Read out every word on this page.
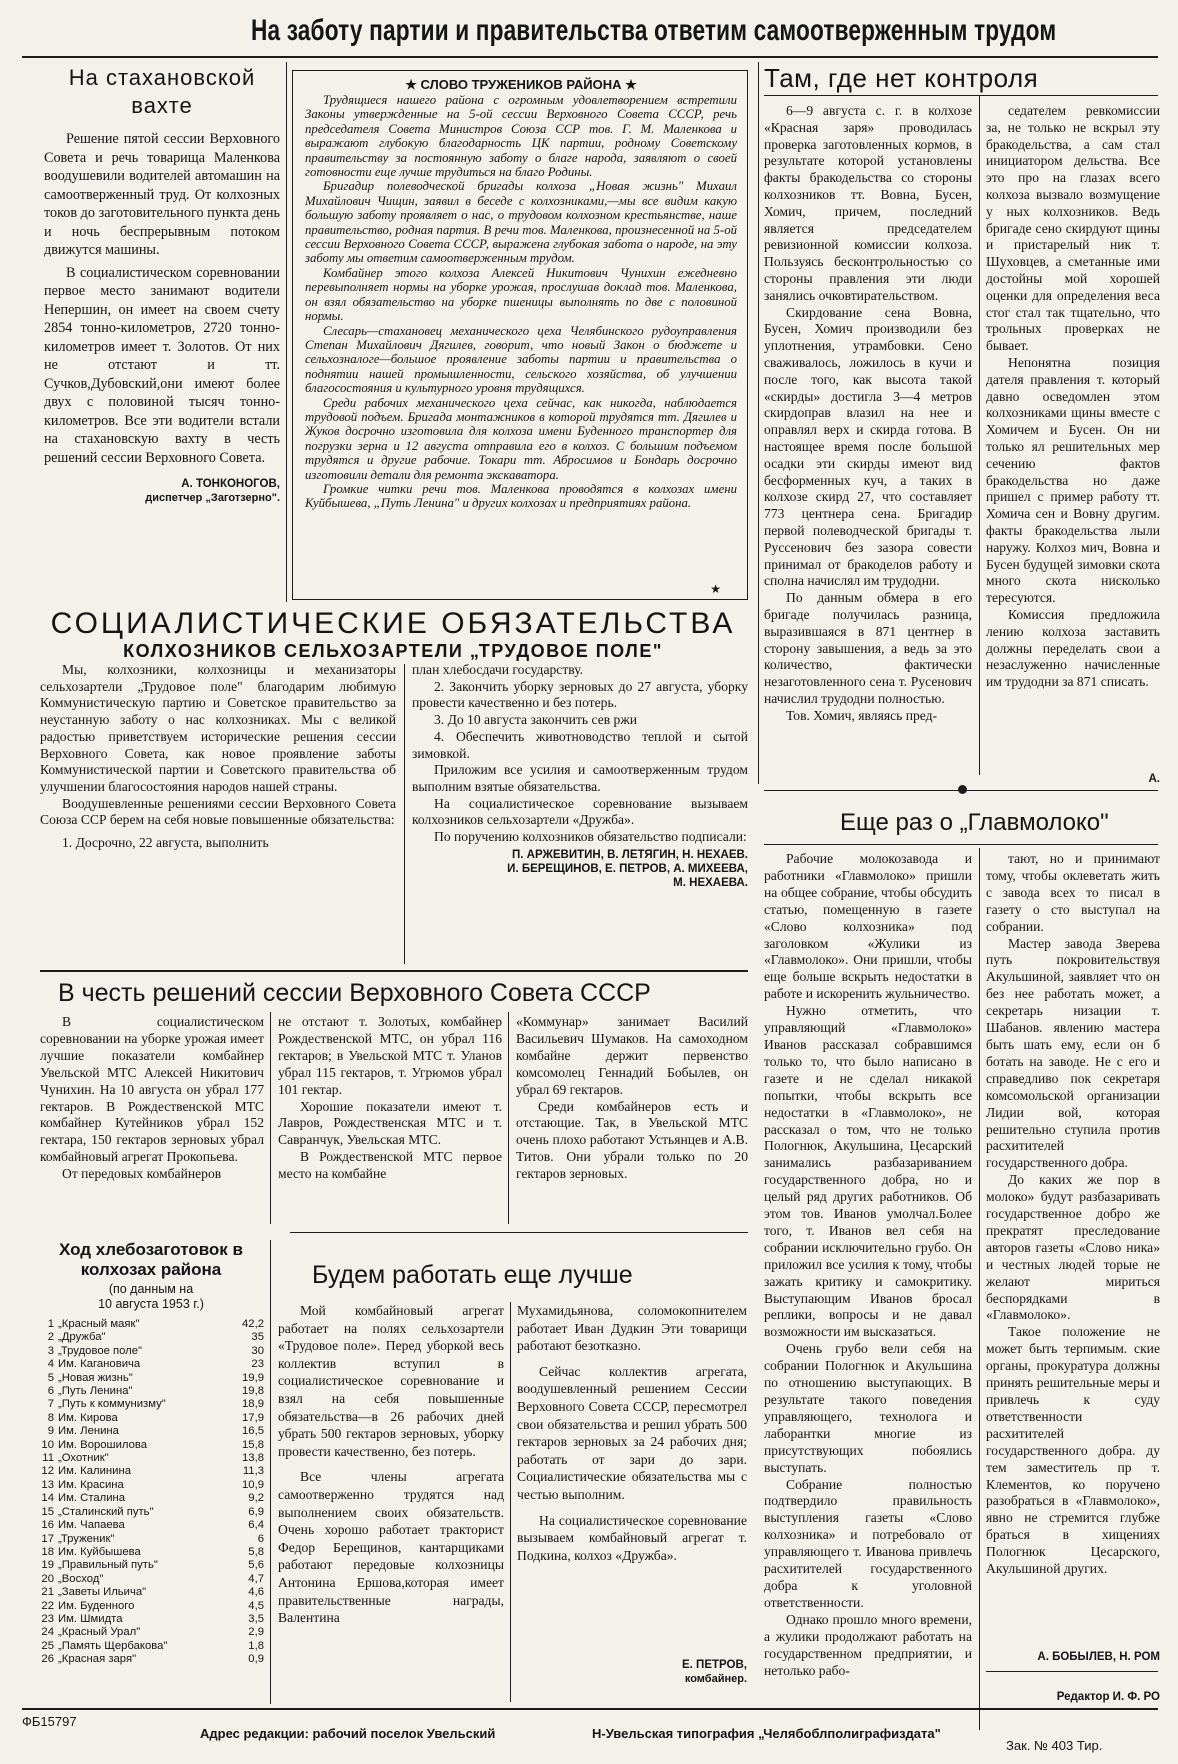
На заботу партии и правительства ответим самоотверженным трудом
На стахановской
вахте

Решение пятой сессии Верховного Совета и речь товарища Маленкова воодушевили водителей автомашин на самоотверженный труд. От колхозных токов до заготовительного пункта день и ночь беспрерывным потоком движутся машины.

В социалистическом соревновании первое место занимают водители Непершин, он имеет на своем счету 2854 тонно-километров, 2720 тонно-километров имеет т. Золотов. От них не отстают и тт. Сучков,Дубовский,они имеют более двух с половиной тысяч тонно-километров. Все эти водители встали на стахановскую вахту в честь решений сессии Верховного Совета.

А. ТОНКОНОГОВ,
диспетчер „Заготзерно".
★ СЛОВО ТРУЖЕНИКОВ РАЙОНА ★

Трудящиеся нашего района с огромным удовлетворением встретили Законы утвержденные на 5-ой сессии Верховного Совета СССР, речь председателя Совета Министров Союза ССР тов. Г. М. Маленкова и выражают глубокую благодарность ЦК партии, родному Советскому правительству за постоянную заботу о благе народа, заявляют о своей готовности еще лучше трудиться на благо Родины.

Бригадир полеводческой бригады колхоза „Новая жизнь" Михаил Михайлович Чищин, заявил в беседе с колхозниками,—мы все видим какую большую заботу проявляет о нас, о трудовом колхозном крестьянстве, наше правительство, родная партия. В речи тов. Маленкова, произнесенной на 5-ой сессии Верховного Совета СССР, выражена глубокая забота о народе, на эту заботу мы ответим самоотверженным трудом.

Комбайнер этого колхоза Алексей Никитович Чунихин ежедневно перевыполняет нормы на уборке урожая, прослушав доклад тов. Маленкова, он взял обязательство на уборке пшеницы выполнять по две с половиной нормы.

Слесарь—стахановец механического цеха Челябинского рудоуправления Степан Михайлович Дягилев, говорит, что новый Закон о бюджете и сельхозналоге—большое проявление заботы партии и правительства о поднятии нашей промышленности, сельского хозяйства, об улучшении благосостояния и культурного уровня трудящихся.

Среди рабочих механического цеха сейчас, как никогда, наблюдается трудовой подъем. Бригада монтажников в которой трудятся тт. Дягилев и Жуков досрочно изготовила для колхоза имени Буденного транспортер для погрузки зерна и 12 августа отправила его в колхоз. С большим подъемом трудятся и другие рабочие. Токари тт. Абросимов и Бондарь досрочно изготовили детали для ремонта экскаватора.

Громкие читки речи тов. Маленкова проводятся в колхозах имени Куйбышева, „Путь Ленина" и других колхозах и предприятиях района.

★
Там, где нет контроля

6—9 августа с. г. в колхозе «Красная заря» проводилась проверка заготовленных кормов, в результате которой установлены факты бракодельства со стороны колхозников тт. Вовна, Бусен, Хомич, причем, последний является председателем ревизионной комиссии колхоза. Пользуясь бесконтрольностью со стороны правления эти люди занялись очковтирательством.

Скирдование сена Вовна, Бусен, Хомич производили без уплотнения, утрамбовки. Сено сваживалось, ложилось в кучи и после того, как высота такой «скирды» достигла 3—4 метров скирдоправ влазил на нее и оправлял верх и скирда готова. В настоящее время после большой осадки эти скирды имеют вид бесформенных куч, а таких в колхозе скирд 27, что составляет 773 центнера сена. Бригадир первой полеводческой бригады т. Руссенович без зазора совести принимал от бракоделов работу и сполна начислял им трудодни.

По данным обмера в его бригаде получилась разница, выразившаяся в 871 центнер в сторону завышения, а ведь за это количество, фактически незаготовленного сена т. Русенович начислил трудодни полностью.

Тов. Хомич, являясь пред-

седателем ревкомиссии за, не только не вскрыл эту бракодельства, а сам стал инициатором дельства. Все это про на глазах всего колхоза вызвало возмущение у ных колхозников. Ведь бригаде сено скирдуют щины и пристарелый ник т. Шуховцев, а сметанные ими достойны мой хорошей оценки для определения веса стог стал так тщательно, что трольных проверках не бывает.

Непонятна позиция дателя правления т. который давно осведомлен этом колхозниками щины вместе с Хомичем и Бусен. Он ни только ял решительных мер сечению фактов бракодельства но даже пришел с пример работу тт. Хомича сен и Вовну другим. факты бракодельства лыли наружу. Колхоз мич, Вовна и Бусен будущей зимовки скота много скота нисколько тересуются.

Комиссия предложила лению колхоза заставить должны переделать свои а незаслуженно начисленные им трудодни за 871 списать.

А.
СОЦИАЛИСТИЧЕСКИЕ ОБЯЗАТЕЛЬСТВА
КОЛХОЗНИКОВ СЕЛЬХОЗАРТЕЛИ „ТРУДОВОЕ ПОЛЕ"

Мы, колхозники, колхозницы и механизаторы сельхозартели „Трудовое поле" благодарим любимую Коммунистическую партию и Советское правительство за неустанную заботу о нас колхозниках. Мы с великой радостью приветствуем исторические решения сессии Верховного Совета, как новое проявление заботы Коммунистической партии и Советского правительства об улучшении благосостояния народов нашей страны.

Воодушевленные решениями сессии Верховного Совета Союза ССР берем на себя новые повышенные обязательства:

1. Досрочно, 22 августа, выполнить

план хлебосдачи государству.

2. Закончить уборку зерновых до 27 августа, уборку провести качественно и без потерь.

3. До 10 августа закончить сев ржи

4. Обеспечить животноводство теплой и сытой зимовкой.

Приложим все усилия и самоотверженным трудом выполним взятые обязательства.

На социалистическое соревнование вызываем колхозников сельхозартели «Дружба».

По поручению колхозников обязательство подписали:

П. АРЖЕВИТИН, В. ЛЕТЯГИН, Н. НЕХАЕВ.
И. БЕРЕЩИНОВ, Е. ПЕТРОВ, А. МИХЕЕВА,
М. НЕХАЕВА.
Еще раз о „Главмолоко"

Рабочие молокозавода и работники «Главмолоко» пришли на общее собрание, чтобы обсудить статью, помещенную в газете «Слово колхозника» под заголовком «Жулики из «Главмолоко». Они пришли, чтобы еще больше вскрыть недостатки в работе и искоренить жульничество.

Нужно отметить, что управляющий «Главмолоко» Иванов рассказал собравшимся только то, что было написано в газете и не сделал никакой попытки, чтобы вскрыть все недостатки в «Главмолоко», не рассказал о том, что не только Пологнюк, Акульшина, Цесарский занимались разбазариванием государственного добра, но и целый ряд других работников. Об этом тов. Иванов умолчал.Более того, т. Иванов вел себя на собрании исключительно грубо. Он приложил все усилия к тому, чтобы зажать критику и самокритику. Выступающим Иванов бросал реплики, вопросы и не давал возможности им высказаться.

Очень грубо вели себя на собрании Пологнюк и Акульшина по отношению выступающих. В результате такого поведения управляющего, технолога и лаборантки многие из присутствующих побоялись выступать.

Собрание полностью подтвердило правильность выступления газеты «Слово колхозника» и потребовало от управляющего т. Иванова привлечь расхитителей государственного добра к уголовной ответственности.

Однако прошло много времени, а жулики продолжают работать на государственном предприятии, и нетолько рабо-

тают, но и принимают тому, чтобы оклеветать жить с завода всех то писал в газету о сто выступал на собрании.

Мастер завода Зверева путь покровительствуя Акульшиной, заявляет что он без нее работать может, а секретарь низации т. Шабанов. явлению мастера быть шать ему, если он б ботать на заводе. Не с его и справедливо пок секретаря комсомольской организации Лидии вой, которая решительно ступила против расхитителей государственного добра.

До каких же пор в молоко» будут разбазаривать государственное добро же прекратят преследование авторов газеты «Слово ника» и честных людей торые не желают мириться беспорядками в «Главмолоко».

Такое положение не может быть терпимым. ские органы, прокуратура должны принять решительные меры и привлечь к суду ответственности расхитителей государственного добра. ду тем заместитель пр т. Клементов, ко поручено разобраться в «Главмолоко», явно не стремится глубже браться в хищениях Пологнюк Цесарского, Акульшиной других.

А. БОБЫЛЕВ, Н. РОМ
Редактор И. Ф. РО
В честь решений сессии Верховного Совета СССР

В социалистическом соревновании на уборке урожая имеет лучшие показатели комбайнер Увельской МТС Алексей Никитович Чунихин. На 10 августа он убрал 177 гектаров. В Рождественской МТС комбайнер Кутейников убрал 152 гектара, 150 гектаров зерновых убрал комбайновый агрегат Прокопьева.

От передовых комбайнеров

не отстают т. Золотых, комбайнер Рождественской МТС, он убрал 116 гектаров; в Увельской МТС т. Уланов убрал 115 гектаров, т. Угрюмов убрал 101 гектар.

Хорошие показатели имеют т. Лавров, Рождественская МТС и т. Савранчук, Увельская МТС.

В Рождественской МТС первое место на комбайне

«Коммунар» занимает Василий Васильевич Шумаков. На самоходном комбайне держит первенство комсомолец Геннадий Бобылев, он убрал 69 гектаров.

Среди комбайнеров есть и отстающие. Так, в Увельской МТС очень плохо работают Устьянцев и А.В. Титов. Они убрали только по 20 гектаров зерновых.

Ход хлебозаготовок в
колхозах района
(по данным на
10 августа 1953 г.)
1	„Красный маяк"	42,2
2	„Дружба"	35
3	„Трудовое поле"	30
4	Им. Кагановича	23
5	„Новая жизнь"	19,9
6	„Путь Ленина"	19,8
7	„Путь к коммунизму"	18,9
8	Им. Кирова	17,9
9	Им. Ленина	16,5
10	Им. Ворошилова	15,8
11	„Охотник"	13,8
12	Им. Калинина	11,3
13	Им. Красина	10,9
14	Им. Сталина	9,2
15	„Сталинский путь"	6,9
16	Им. Чапаева	6,4
17	„Труженик"	6
18	Им. Куйбышева	5,8
19	„Правильный путь"	5,6
20	„Восход"	4,7
21	„Заветы Ильича"	4,6
22	Им. Буденного	4,5
23	Им. Шмидта	3,5
24	„Красный Урал"	2,9
25	„Память Щербакова"	1,8
26	„Красная заря"	0,9
Будем работать еще лучше

Мой комбайновый агрегат работает на полях сельхозартели «Трудовое поле». Перед уборкой весь коллектив вступил в социалистическое соревнование и взял на себя повышенные обязательства—в 26 рабочих дней убрать 500 гектаров зерновых, уборку провести качественно, без потерь.

Все члены агрегата самоотверженно трудятся над выполнением своих обязательств. Очень хорошо работает тракторист Федор Берещинов, кантарщиками работают передовые колхозницы Антонина Ершова,которая имеет правительственные награды, Валентина

Мухамидьянова, соломокопнителем работает Иван Дудкин Эти товарищи работают безотказно.

Сейчас коллектив агрегата, воодушевленный решением Сессии Верховного Совета СССР, пересмотрел свои обязательства и решил убрать 500 гектаров зерновых за 24 рабочих дня; работать от зари до зари. Социалистические обязательства мы с честью выполним.

На социалистическое соревнование вызываем комбайновый агрегат т. Подкина, колхоз «Дружба».

Е. ПЕТРОВ,
комбайнер.
ФБ15797
Адрес редакции: рабочий поселок Увельский	Н-Увельская типография „Челябоблполиграфиздата"
Зак. № 403 Тир.
